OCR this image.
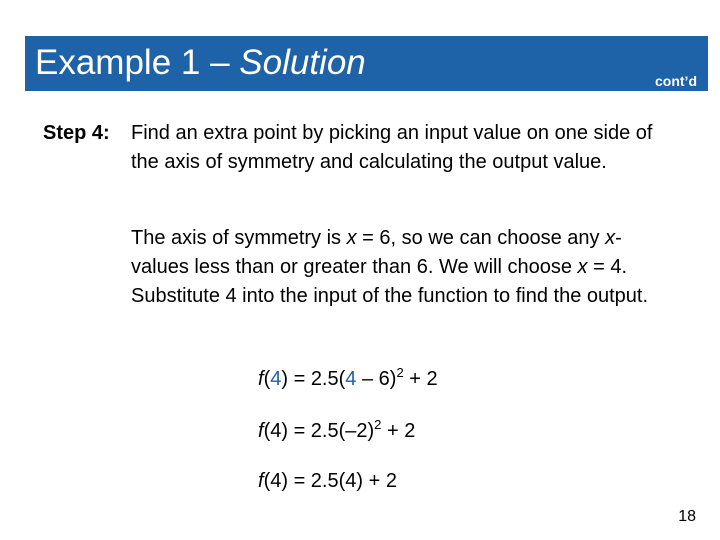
Example 1 – Solution	cont’d
Step 4: Find an extra point by picking an input value on one side of the axis of symmetry and calculating the output value.
The axis of symmetry is x = 6, so we can choose any x-values less than or greater than 6. We will choose x = 4. Substitute 4 into the input of the function to find the output.
f(4) = 2.5(4 – 6)$^2$ + 2
$f(4) = 2.5(-2)^2 + 2$
f(4) = 2.5(4) + 2
18
